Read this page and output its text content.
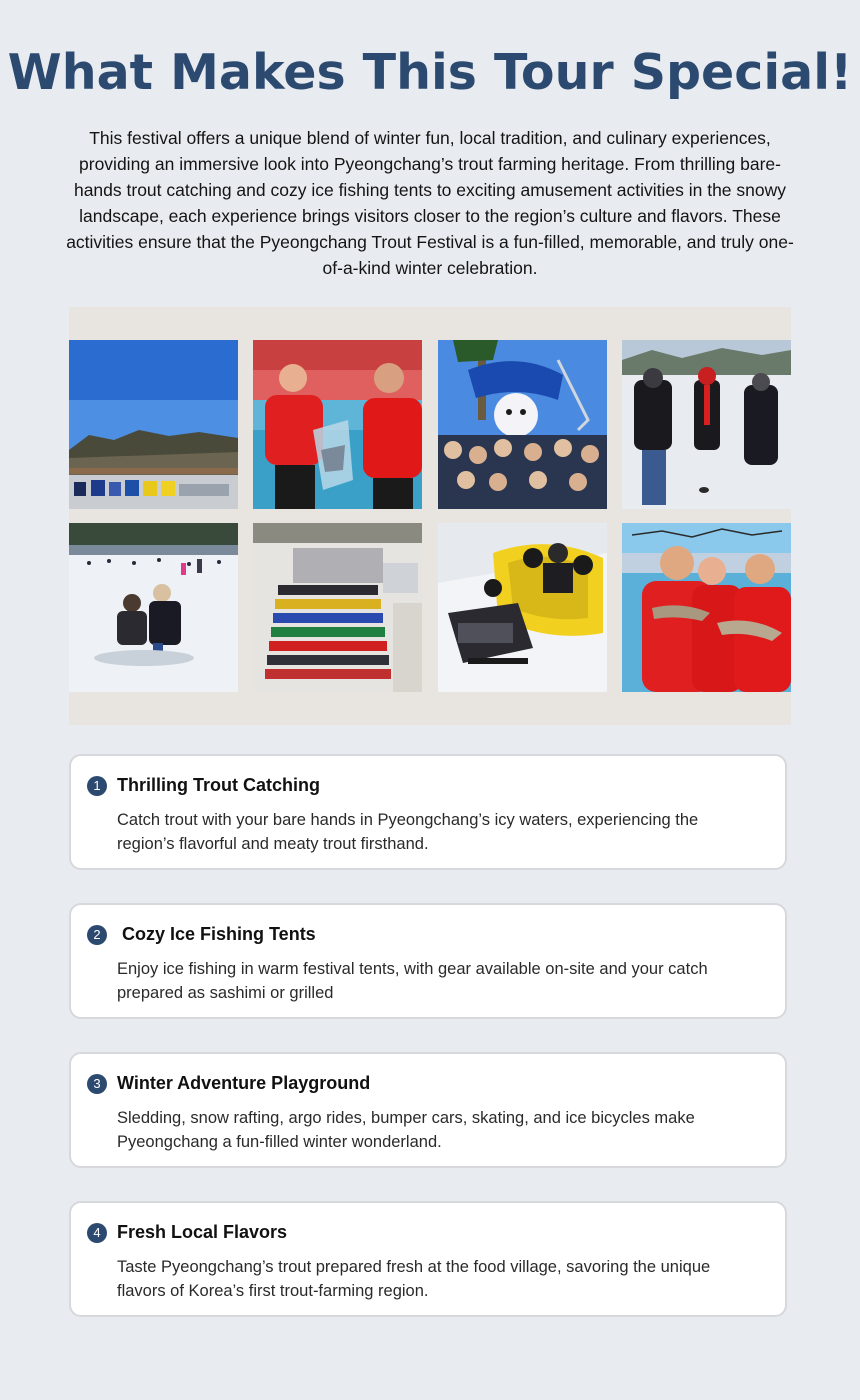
What Makes This Tour Special!

This festival offers a unique blend of winter fun, local tradition, and culinary experiences, providing an immersive look into Pyeongchang’s trout farming heritage. From thrilling bare-hands trout catching and cozy ice fishing tents to exciting amusement activities in the snowy landscape, each experience brings visitors closer to the region’s culture and flavors. These activities ensure that the Pyeongchang Trout Festival is a fun-filled, memorable, and truly one-of-a-kind winter celebration.

1 Thrilling Trout Catching
Catch trout with your bare hands in Pyeongchang’s icy waters, experiencing the region’s flavorful and meaty trout firsthand.
2 Cozy Ice Fishing Tents
Enjoy ice fishing in warm festival tents, with gear available on-site and your catch prepared as sashimi or grilled
3 Winter Adventure Playground
Sledding, snow rafting, argo rides, bumper cars, skating, and ice bicycles make Pyeongchang a fun-filled winter wonderland.
4 Fresh Local Flavors
Taste Pyeongchang’s trout prepared fresh at the food village, savoring the unique flavors of Korea’s first trout-farming region.
